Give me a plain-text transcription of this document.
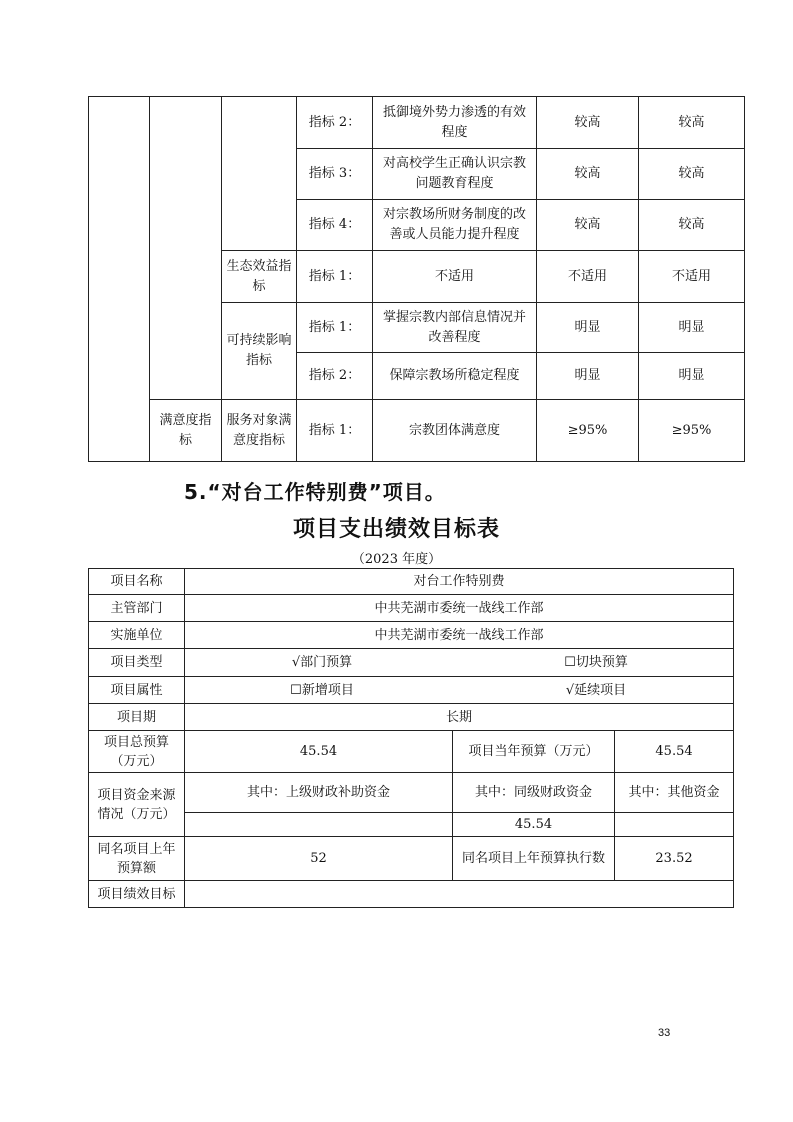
			指标 2：	抵御境外势力渗透的有效程度	较高	较高
			指标 3：	对高校学生正确认识宗教问题教育程度	较高	较高
			指标 4：	对宗教场所财务制度的改善或人员能力提升程度	较高	较高
		生态效益指标	指标 1：	不适用	不适用	不适用
		可持续影响指标	指标 1：	掌握宗教内部信息情况并改善程度	明显	明显
			指标 2：	保障宗教场所稳定程度	明显	明显
	满意度指标	服务对象满意度指标	指标 1：	宗教团体满意度	≥95%	≥95%
5.“对台工作特别费”项目。
项目支出绩效目标表
（2023 年度）
项目名称	对台工作特别费		
主管部门	中共芜湖市委统一战线工作部		
实施单位	中共芜湖市委统一战线工作部		
项目类型	√部门预算 ☐切块预算		

项目属性	☐新增项目 √延续项目		

项目期	长期		
项目总预算（万元）	45.54	项目当年预算（万元）	45.54
项目资金来源情况（万元）	其中：上级财政补助资金	其中：同级财政资金	其中：其他资金
		45.54	
同名项目上年预算额	52	同名项目上年预算执行数	23.52
项目绩效目标			
33
